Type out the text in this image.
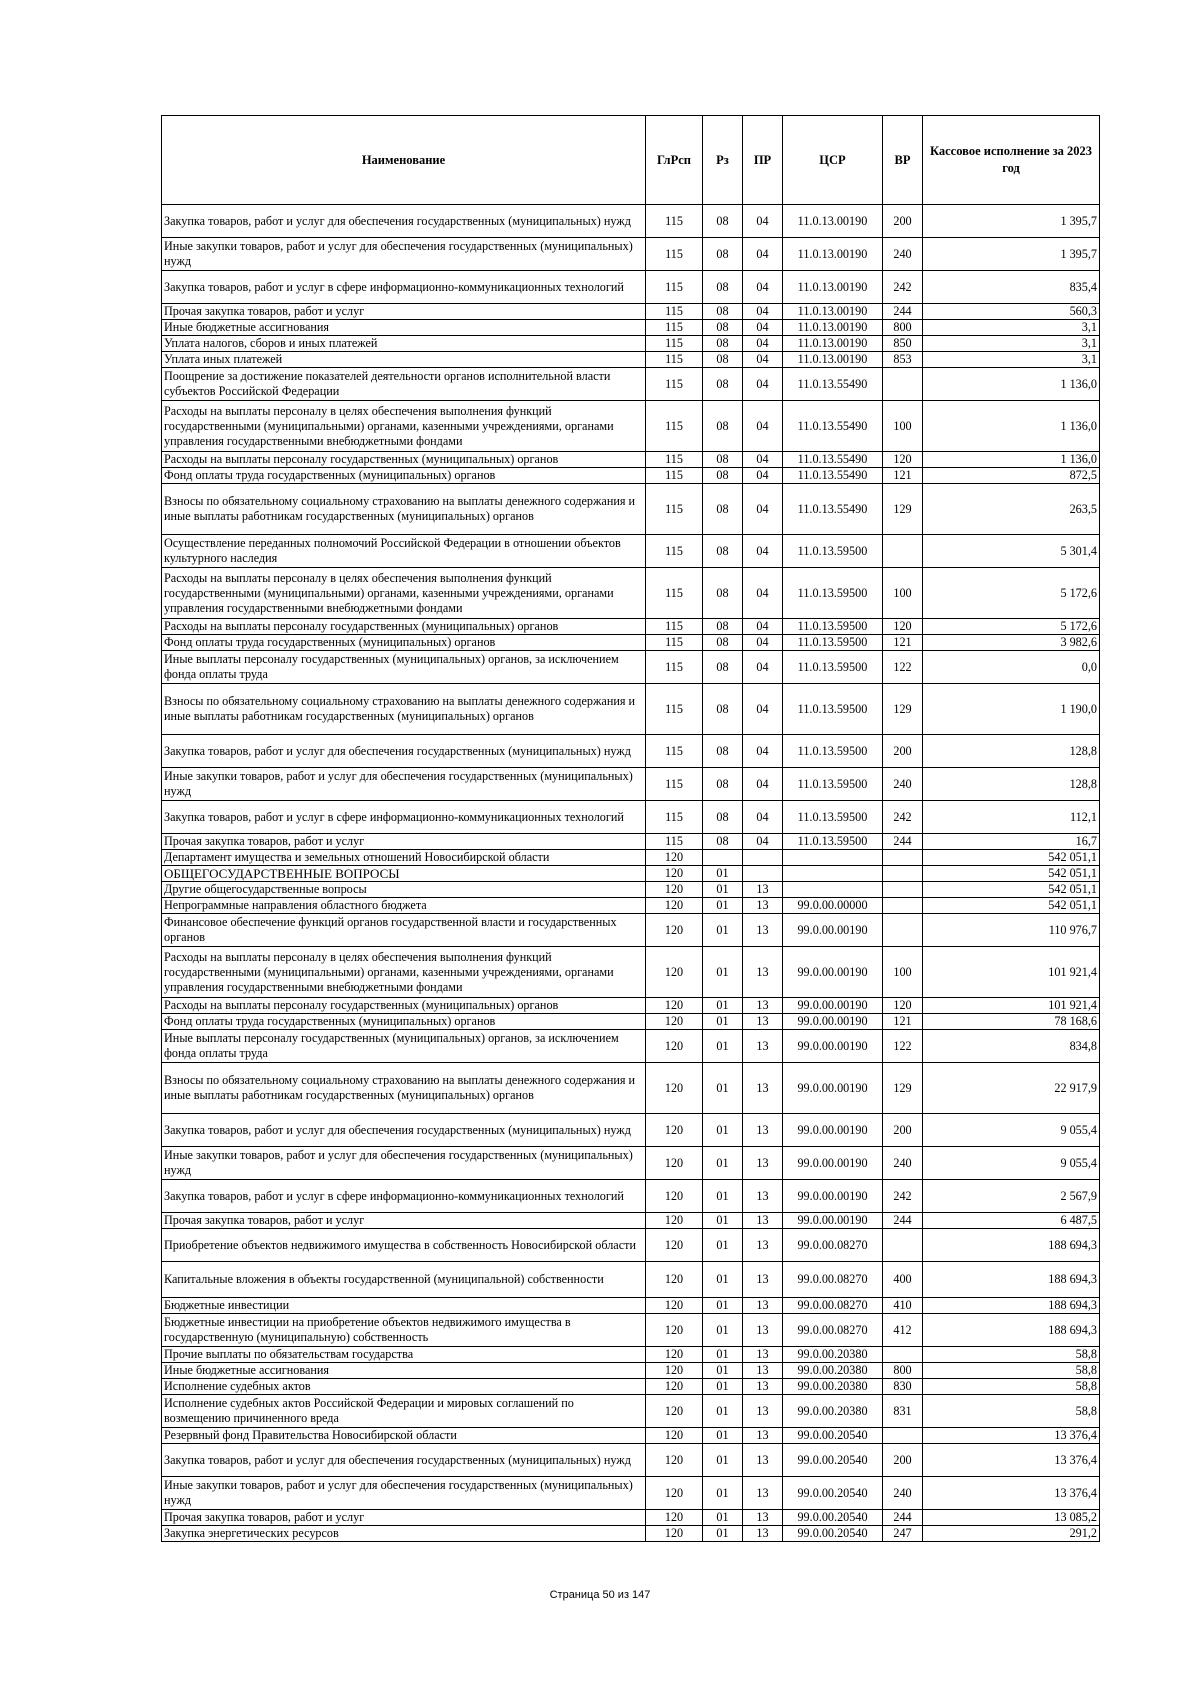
Наименование	ГлРсп	Рз	ПР	ЦСР	ВР	Кассовое исполнение за 2023 год
Закупка товаров, работ и услуг для обеспечения государственных (муниципальных) нужд	115	08	04	11.0.13.00190	200	1 395,7
Иные закупки товаров, работ и услуг для обеспечения государственных (муниципальных) нужд	115	08	04	11.0.13.00190	240	1 395,7
Закупка товаров, работ и услуг в сфере информационно-коммуникационных технологий	115	08	04	11.0.13.00190	242	835,4
Прочая закупка товаров, работ и услуг	115	08	04	11.0.13.00190	244	560,3
Иные бюджетные ассигнования	115	08	04	11.0.13.00190	800	3,1
Уплата налогов, сборов и иных платежей	115	08	04	11.0.13.00190	850	3,1
Уплата иных платежей	115	08	04	11.0.13.00190	853	3,1
Поощрение за достижение показателей деятельности органов исполнительной власти субъектов Российской Федерации	115	08	04	11.0.13.55490		1 136,0
Расходы на выплаты персоналу в целях обеспечения выполнения функций государственными (муниципальными) органами, казенными учреждениями, органами управления государственными внебюджетными фондами	115	08	04	11.0.13.55490	100	1 136,0
Расходы на выплаты персоналу государственных (муниципальных) органов	115	08	04	11.0.13.55490	120	1 136,0
Фонд оплаты труда государственных (муниципальных) органов	115	08	04	11.0.13.55490	121	872,5
Взносы по обязательному социальному страхованию на выплаты денежного содержания и иные выплаты работникам государственных (муниципальных) органов	115	08	04	11.0.13.55490	129	263,5
Осуществление переданных полномочий Российской Федерации в отношении объектов культурного наследия	115	08	04	11.0.13.59500		5 301,4
Расходы на выплаты персоналу в целях обеспечения выполнения функций государственными (муниципальными) органами, казенными учреждениями, органами управления государственными внебюджетными фондами	115	08	04	11.0.13.59500	100	5 172,6
Расходы на выплаты персоналу государственных (муниципальных) органов	115	08	04	11.0.13.59500	120	5 172,6
Фонд оплаты труда государственных (муниципальных) органов	115	08	04	11.0.13.59500	121	3 982,6
Иные выплаты персоналу государственных (муниципальных) органов, за исключением фонда оплаты труда	115	08	04	11.0.13.59500	122	0,0
Взносы по обязательному социальному страхованию на выплаты денежного содержания и иные выплаты работникам государственных (муниципальных) органов	115	08	04	11.0.13.59500	129	1 190,0
Закупка товаров, работ и услуг для обеспечения государственных (муниципальных) нужд	115	08	04	11.0.13.59500	200	128,8
Иные закупки товаров, работ и услуг для обеспечения государственных (муниципальных) нужд	115	08	04	11.0.13.59500	240	128,8
Закупка товаров, работ и услуг в сфере информационно-коммуникационных технологий	115	08	04	11.0.13.59500	242	112,1
Прочая закупка товаров, работ и услуг	115	08	04	11.0.13.59500	244	16,7
Департамент имущества и земельных отношений Новосибирской области	120					542 051,1
ОБЩЕГОСУДАРСТВЕННЫЕ ВОПРОСЫ	120	01				542 051,1
Другие общегосударственные вопросы	120	01	13			542 051,1
Непрограммные направления областного бюджета	120	01	13	99.0.00.00000		542 051,1
Финансовое обеспечение функций органов государственной власти и государственных органов	120	01	13	99.0.00.00190		110 976,7
Расходы на выплаты персоналу в целях обеспечения выполнения функций государственными (муниципальными) органами, казенными учреждениями, органами управления государственными внебюджетными фондами	120	01	13	99.0.00.00190	100	101 921,4
Расходы на выплаты персоналу государственных (муниципальных) органов	120	01	13	99.0.00.00190	120	101 921,4
Фонд оплаты труда государственных (муниципальных) органов	120	01	13	99.0.00.00190	121	78 168,6
Иные выплаты персоналу государственных (муниципальных) органов, за исключением фонда оплаты труда	120	01	13	99.0.00.00190	122	834,8
Взносы по обязательному социальному страхованию на выплаты денежного содержания и иные выплаты работникам государственных (муниципальных) органов	120	01	13	99.0.00.00190	129	22 917,9
Закупка товаров, работ и услуг для обеспечения государственных (муниципальных) нужд	120	01	13	99.0.00.00190	200	9 055,4
Иные закупки товаров, работ и услуг для обеспечения государственных (муниципальных) нужд	120	01	13	99.0.00.00190	240	9 055,4
Закупка товаров, работ и услуг в сфере информационно-коммуникационных технологий	120	01	13	99.0.00.00190	242	2 567,9
Прочая закупка товаров, работ и услуг	120	01	13	99.0.00.00190	244	6 487,5
Приобретение объектов недвижимого имущества в собственность Новосибирской области	120	01	13	99.0.00.08270		188 694,3
Капитальные вложения в объекты государственной (муниципальной) собственности	120	01	13	99.0.00.08270	400	188 694,3
Бюджетные инвестиции	120	01	13	99.0.00.08270	410	188 694,3
Бюджетные инвестиции на приобретение объектов недвижимого имущества в государственную (муниципальную) собственность	120	01	13	99.0.00.08270	412	188 694,3
Прочие выплаты по обязательствам государства	120	01	13	99.0.00.20380		58,8
Иные бюджетные ассигнования	120	01	13	99.0.00.20380	800	58,8
Исполнение судебных актов	120	01	13	99.0.00.20380	830	58,8
Исполнение судебных актов Российской Федерации и мировых соглашений по возмещению причиненного вреда	120	01	13	99.0.00.20380	831	58,8
Резервный фонд Правительства Новосибирской области	120	01	13	99.0.00.20540		13 376,4
Закупка товаров, работ и услуг для обеспечения государственных (муниципальных) нужд	120	01	13	99.0.00.20540	200	13 376,4
Иные закупки товаров, работ и услуг для обеспечения государственных (муниципальных) нужд	120	01	13	99.0.00.20540	240	13 376,4
Прочая закупка товаров, работ и услуг	120	01	13	99.0.00.20540	244	13 085,2
Закупка энергетических ресурсов	120	01	13	99.0.00.20540	247	291,2
Страница 50 из 147
